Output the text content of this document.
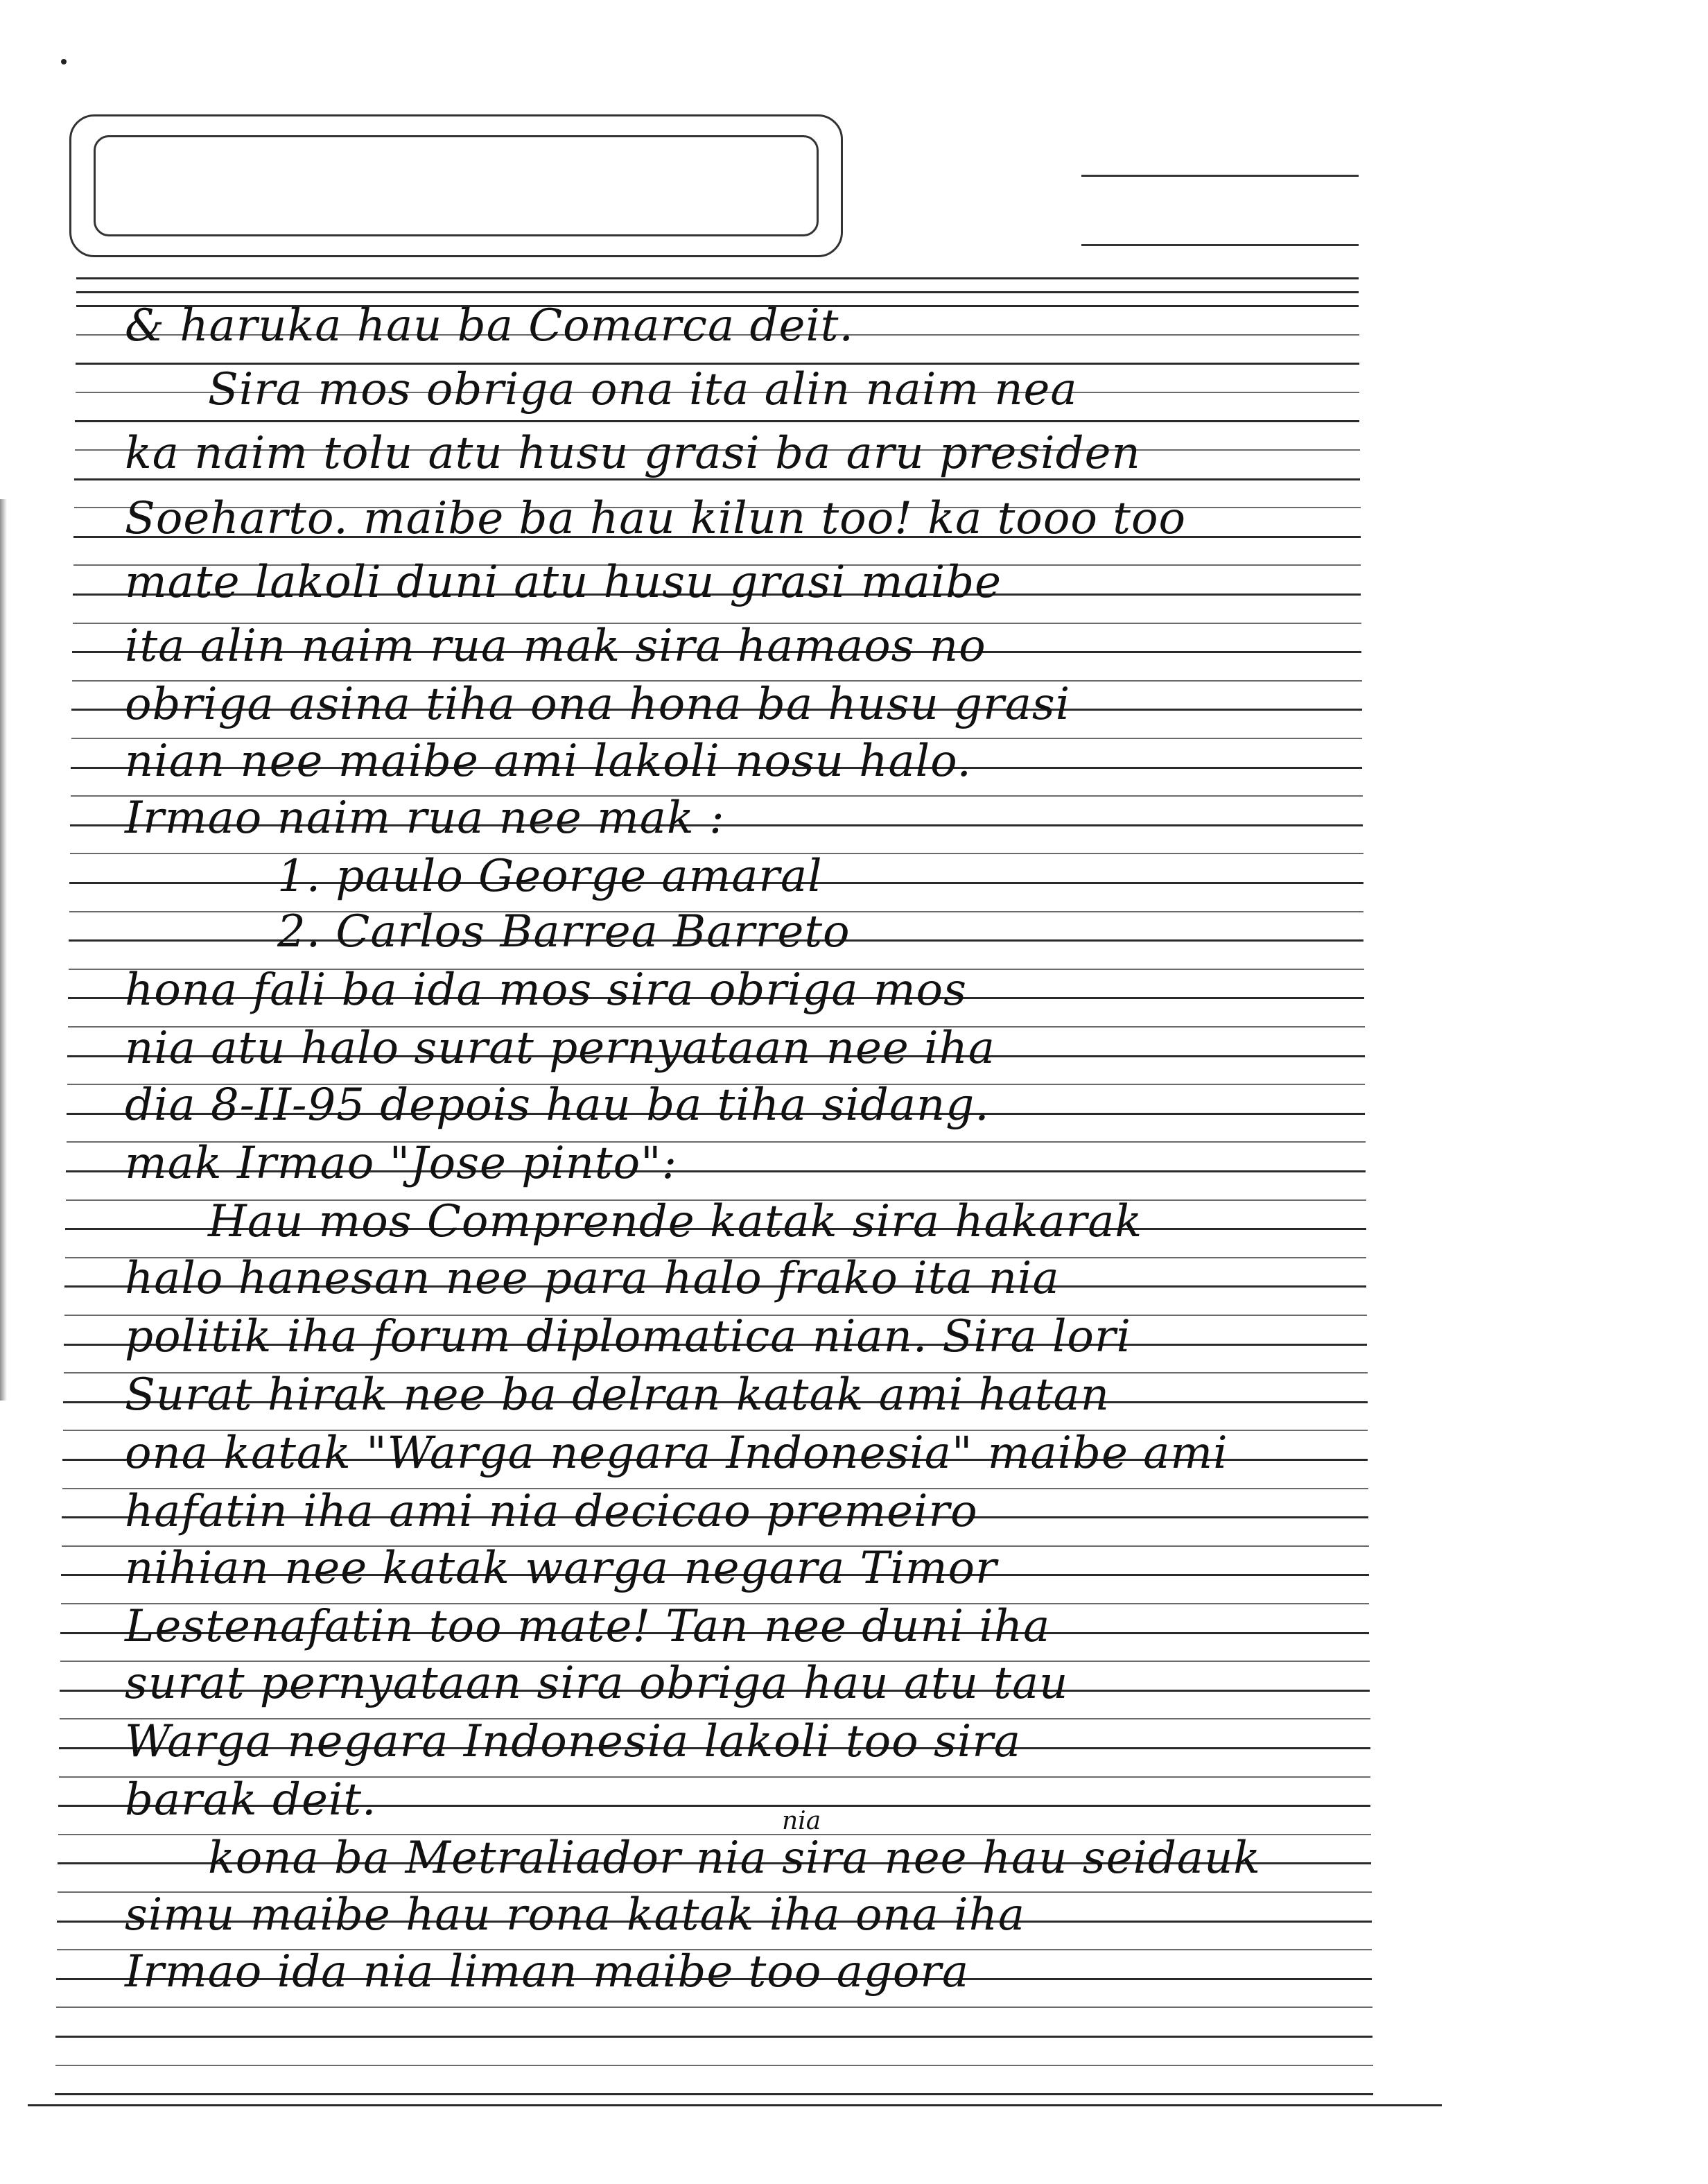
& haruka hau ba Comarca deit.
Sira mos obriga ona ita alin naim nea
ka naim tolu atu husu grasi ba aru presiden
Soeharto. maibe ba hau kilun too! ka tooo too
mate lakoli duni atu husu grasi maibe
ita alin naim rua mak sira hamaos no
obriga asina tiha ona hona ba husu grasi
nian nee maibe ami lakoli nosu halo.
Irmao naim rua nee mak :
1. paulo George amaral
2. Carlos Barrea Barreto
hona fali ba ida mos sira obriga mos
nia atu halo surat pernyataan nee iha
dia 8-II-95 depois hau ba tiha sidang.
mak Irmao "Jose pinto":
Hau mos Comprende katak sira hakarak
halo hanesan nee para halo frako ita nia
politik iha forum diplomatica nian. Sira lori
Surat hirak nee ba delran katak ami hatan
ona katak "Warga negara Indonesia" maibe ami
hafatin iha ami nia decicao premeiro
nihian nee katak warga negara Timor
Lestenafatin too mate! Tan nee duni iha
surat pernyataan sira obriga hau atu tau
Warga negara Indonesia lakoli too sira
barak deit.	nia
kona ba Metraliador nia sira nee hau seidauk
simu maibe hau rona katak iha ona iha
Irmao ida nia liman maibe too agora
